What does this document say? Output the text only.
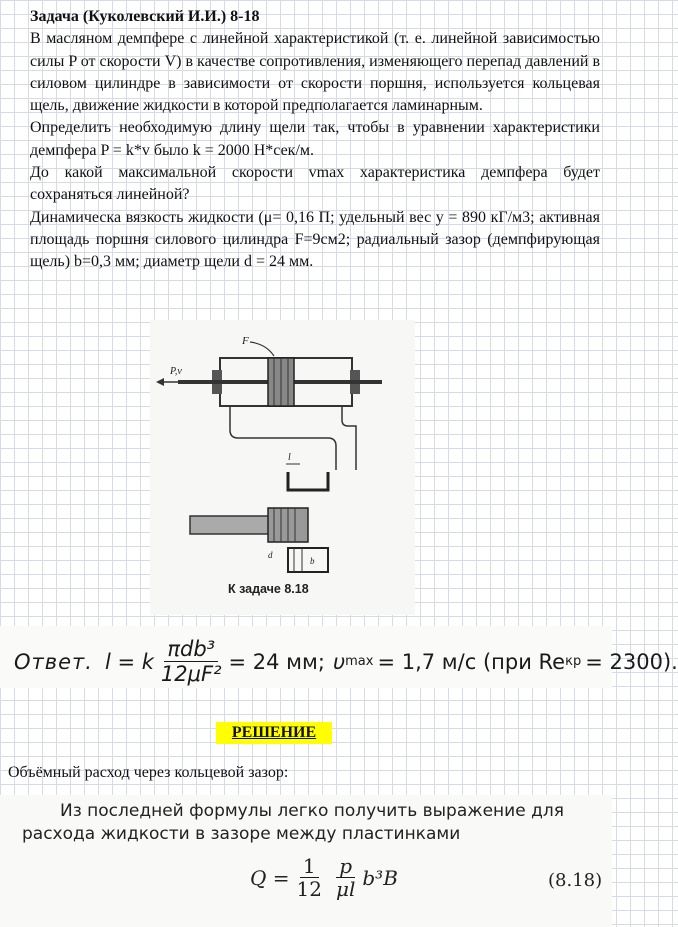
Задача (Куколевский И.И.) 8-18

В масляном демпфере с линейной характеристикой (т. е. линейной зависимостью силы P от скорости V) в качестве сопротивления, изменяющего перепад давлений в силовом цилиндре в зависимости от скорости поршня, используется кольцевая щель, движение жидкости в которой предполагается ламинарным.

Определить необходимую длину щели так, чтобы в уравнении характеристики демпфера P = k*v было k = 2000 Н*сек/м.

До какой максимальной скорости vmax характеристика демпфера будет сохраняться линейной?

Динамическа вязкость жидкости (μ= 0,16 П; удельный вес у = 890 кГ/м3; активная площадь поршня силового цилиндра F=9см2; радиальный зазор (демпфирующая щель) b=0,3 мм; диаметр щели d = 24 мм.

F
P,v
l
d
b
К задаче 8.18
Ответ. l = k $\frac{\text{πdb³}}{\text{12μF²}} = 24$ мм; υ max = 1,7 м/с (при Re кр = 2300).
РЕШЕНИЕ
Объёмный расход через кольцевой зазор:
Из последней формулы легко получить выражение для расхода жидкости в зазоре между пластинками
$Q = \frac{1}{12} \frac{p}{\mu l} b^3B$	(8.18)
